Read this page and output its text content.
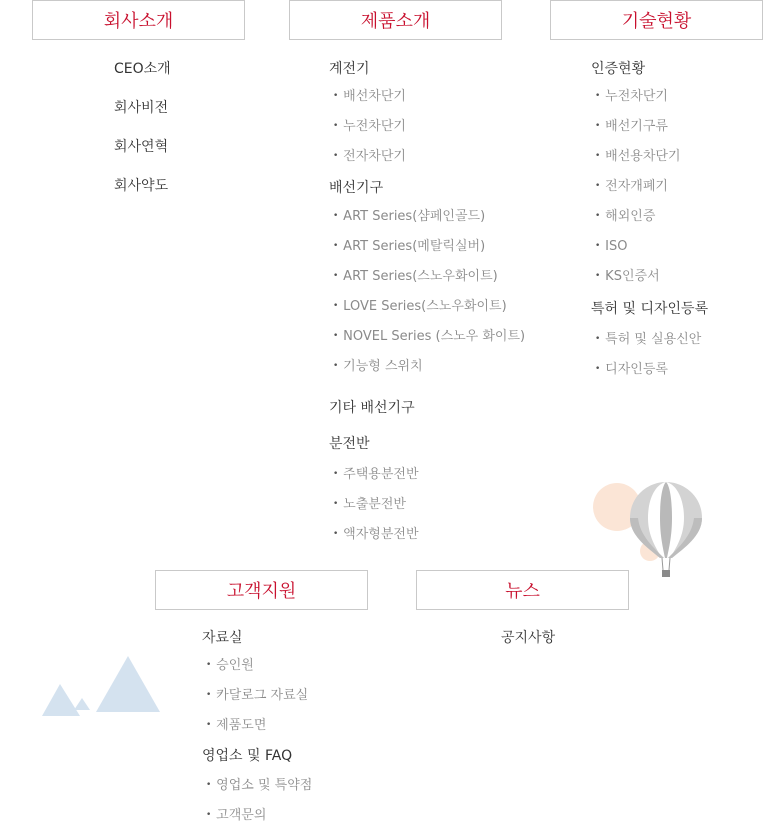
회사소개	제품소개	기술현황
고객지원	뉴스
CEO소개
회사비전
회사연혁
회사약도
계전기
• 배선차단기
• 누전차단기
• 전자차단기
배선기구
• ART Series(샴페인골드)
• ART Series(메탈릭실버)
• ART Series(스노우화이트)
• LOVE Series(스노우화이트)
• NOVEL Series (스노우 화이트)
• 기능형 스위치
기타 배선기구
분전반
• 주택용분전반
• 노출분전반
• 액자형분전반
인증현황
• 누전차단기
• 배선기구류
• 배선용차단기
• 전자개폐기
• 해외인증
• ISO
• KS인증서
특허 및 디자인등록
• 특허 및 실용신안
• 디자인등록
자료실
• 승인원
• 카달로그 자료실
• 제품도면
영업소 및 FAQ
• 영업소 및 특약점
• 고객문의
공지사항
